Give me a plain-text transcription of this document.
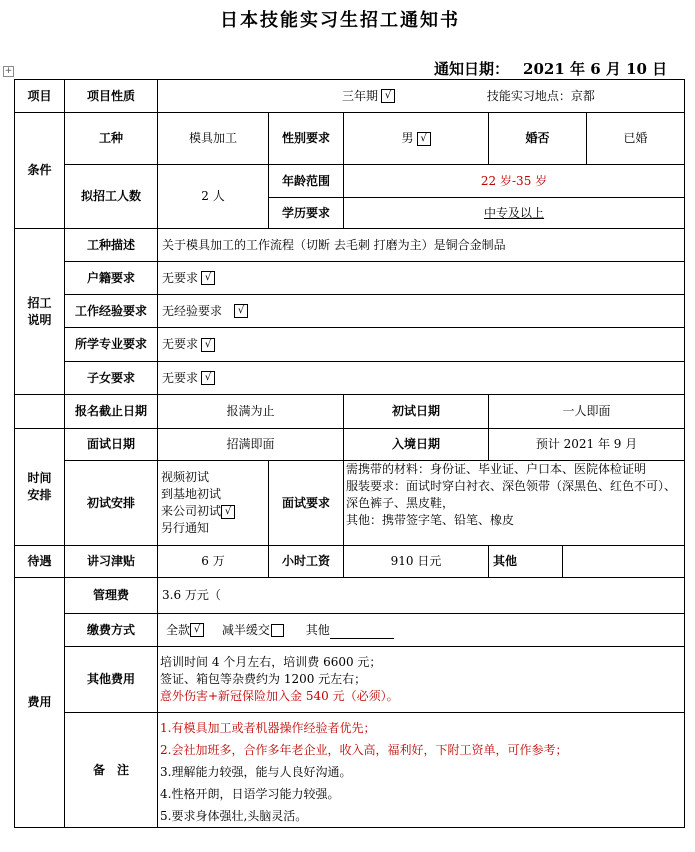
日本技能实习生招工通知书
通知日期： 2021 年 6 月 10 日
+
项目	项目性质	三年期 √ 技能实习地点：京都					
条件	工种	模具加工	性别要求	男 √	婚否		已婚
	拟招工人数	2 人	年龄范围	22 岁-35 岁			
			学历要求	中专及以上			
招工说明	工种描述	关于模具加工的工作流程（切断 去毛刺 打磨为主）是铜合金制品					
	户籍要求	无要求 √					
	工作经验要求	无经验要求 √					
	所学专业要求	无要求 √					
	子女要求	无要求 √					
	报名截止日期	报满为止		初试日期	一人即面		
时间安排	面试日期	招满即面		入境日期	预计 2021 年 9 月		
	初试安排	视频初试
到基地初试
来公司初试 √
另行通知	面试要求	需携带的材料：身份证、毕业证、户口本、医院体检证明
服装要求：面试时穿白衬衣、深色领带（深黑色、红色不可）、深色裤子、黑皮鞋，
其他：携带签字笔、铅笔、橡皮			

待遇	讲习津贴	6 万	小时工资	910 日元	其他		
费用	管理费	3.6 万元（					
	缴费方式	全款 √ 减半缓交 其他					
	其他费用	培训时间 4 个月左右，培训费 6600 元；
签证、箱包等杂费约为 1200 元左右；
意外伤害+新冠保险加入金 540 元（必须）。					

	备　注	1.有模具加工或者机器操作经验者优先；
2.会社加班多，合作多年老企业，收入高，福利好，下附工资单，可作参考；
3.理解能力较强，能与人良好沟通。
4.性格开朗，日语学习能力较强。
5.要求身体强壮,头脑灵活。					
